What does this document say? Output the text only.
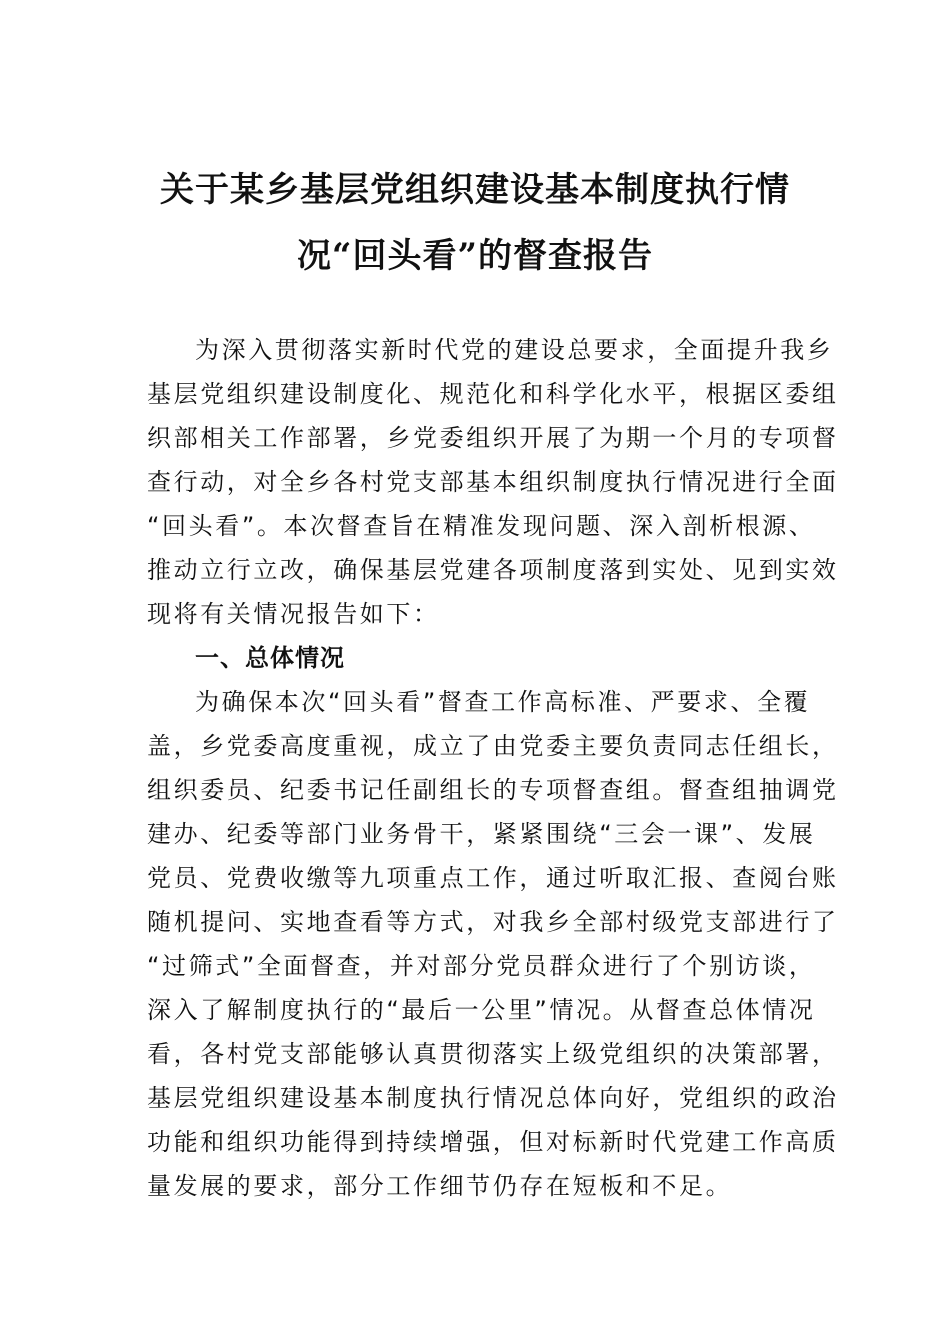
关于某乡基层党组织建设基本制度执行情
况“回头看”的督查报告
为深入贯彻落实新时代党的建设总要求，全面提升我乡
基层党组织建设制度化、规范化和科学化水平，根据区委组
织部相关工作部署，乡党委组织开展了为期一个月的专项督
查行动，对全乡各村党支部基本组织制度执行情况进行全面
“回头看”。本次督查旨在精准发现问题、深入剖析根源、
推动立行立改，确保基层党建各项制度落到实处、见到实效
现将有关情况报告如下：
一、总体情况
为确保本次“回头看”督查工作高标准、严要求、全覆
盖，乡党委高度重视，成立了由党委主要负责同志任组长，
组织委员、纪委书记任副组长的专项督查组。督查组抽调党
建办、纪委等部门业务骨干，紧紧围绕“三会一课”、发展
党员、党费收缴等九项重点工作，通过听取汇报、查阅台账
随机提问、实地查看等方式，对我乡全部村级党支部进行了
“过筛式”全面督查，并对部分党员群众进行了个别访谈，
深入了解制度执行的“最后一公里”情况。从督查总体情况
看，各村党支部能够认真贯彻落实上级党组织的决策部署，
基层党组织建设基本制度执行情况总体向好，党组织的政治
功能和组织功能得到持续增强，但对标新时代党建工作高质
量发展的要求，部分工作细节仍存在短板和不足。
